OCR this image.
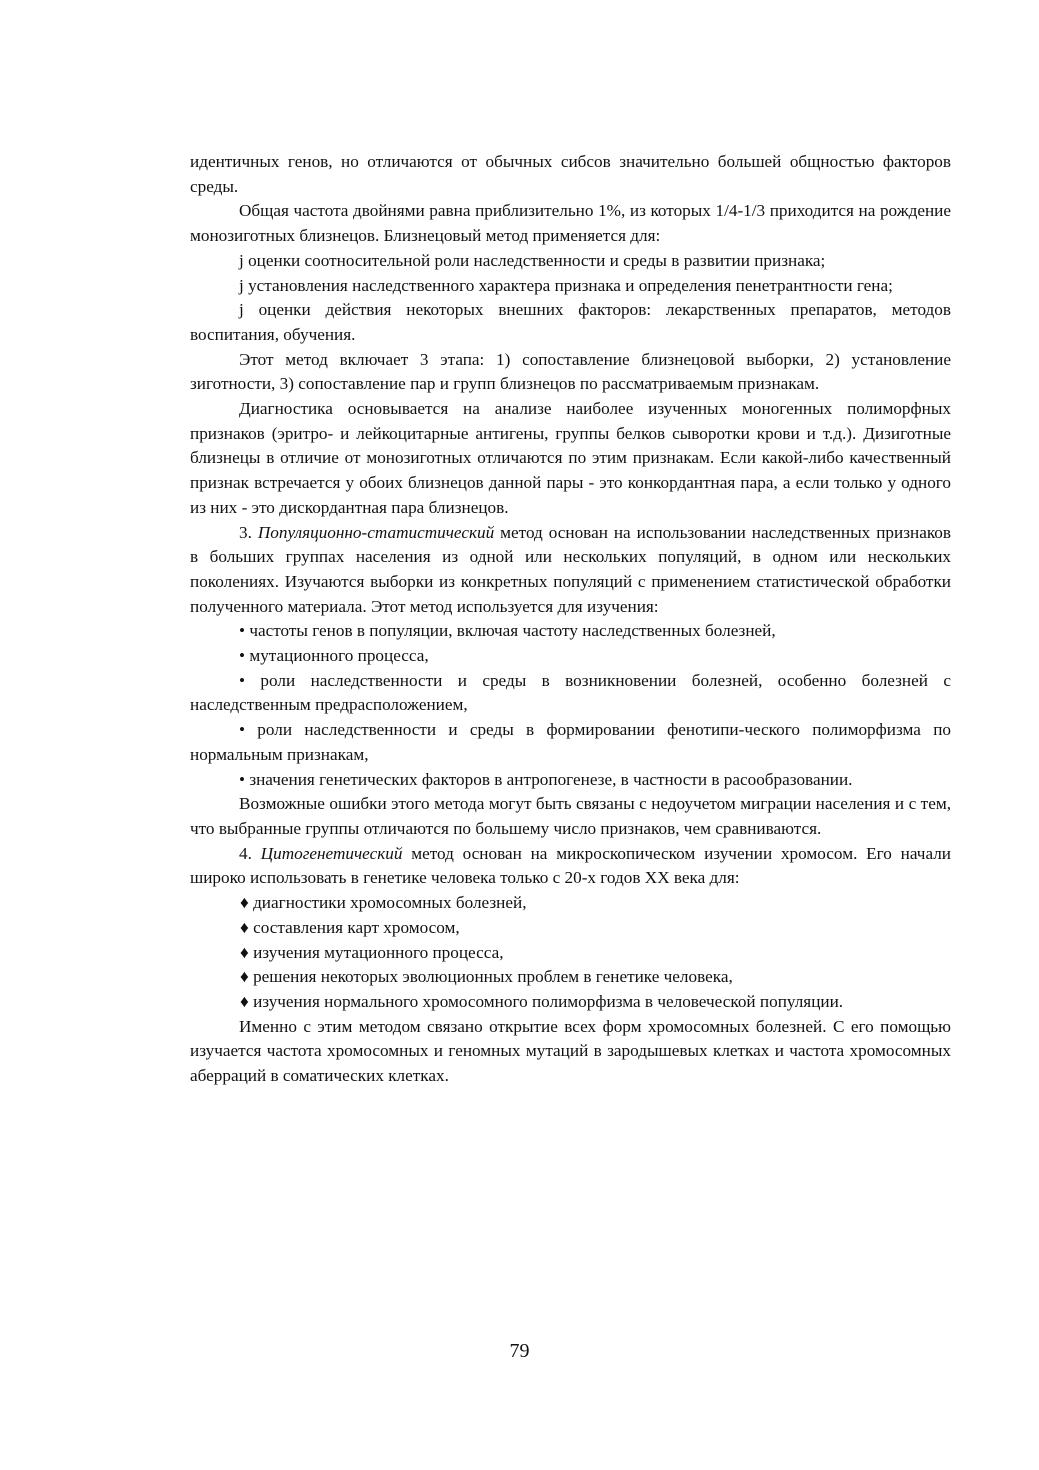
идентичных генов, но отличаются от обычных сибсов значительно большей общностью факторов среды.

Общая частота двойнями равна приблизительно 1%, из которых 1/4-1/3 приходится на рождение монозиготных близнецов. Близнецовый метод применяется для:

j оценки соотносительной роли наследственности и среды в развитии признака;

j установления наследственного характера признака и определения пенетрантности гена;

j оценки действия некоторых внешних факторов: лекарственных препаратов, методов воспитания, обучения.

Этот метод включает 3 этапа: 1) сопоставление близнецовой выборки, 2) установление зиготности, 3) сопоставление пар и групп близнецов по рассматриваемым признакам.

Диагностика основывается на анализе наиболее изученных моногенных полиморфных признаков (эритро- и лейкоцитарные антигены, группы белков сыворотки крови и т.д.). Дизиготные близнецы в отличие от монозиготных отличаются по этим признакам. Если какой-либо качественный признак встречается у обоих близнецов данной пары - это конкордантная пара, а если только у одного из них - это дискордантная пара близнецов.

3. Популяционно-статистический метод основан на использовании наследственных признаков в больших группах населения из одной или нескольких популяций, в одном или нескольких поколениях. Изучаются выборки из конкретных популяций с применением статистической обработки полученного материала. Этот метод используется для изучения:

• частоты генов в популяции, включая частоту наследственных болезней,

• мутационного процесса,

• роли наследственности и среды в возникновении болезней, особенно болезней с наследственным предрасположением,

• роли наследственности и среды в формировании фенотипи-ческого полиморфизма по нормальным признакам,

• значения генетических факторов в антропогенезе, в частности в расообразовании.

Возможные ошибки этого метода могут быть связаны с недоучетом миграции населения и с тем, что выбранные группы отличаются по большему число признаков, чем сравниваются.

4. Цитогенетический метод основан на микроскопическом изучении хромосом. Его начали широко использовать в генетике человека только с 20-х годов XX века для:

♦ диагностики хромосомных болезней,

♦ составления карт хромосом,

♦ изучения мутационного процесса,

♦ решения некоторых эволюционных проблем в генетике человека,

♦ изучения нормального хромосомного полиморфизма в человеческой популяции.

Именно с этим методом связано открытие всех форм хромосомных болезней. С его помощью изучается частота хромосомных и геномных мутаций в зародышевых клетках и частота хромосомных аберраций в соматических клетках.

79
